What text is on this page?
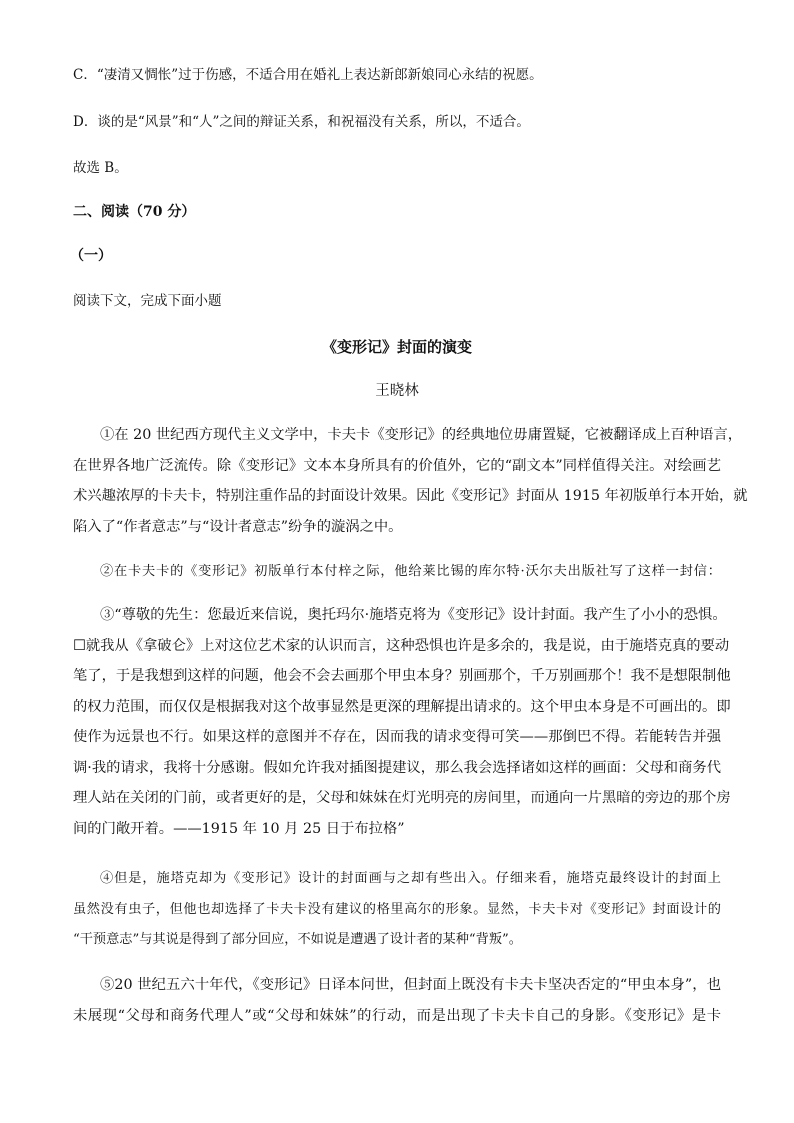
C．“凄清又惆怅”过于伤感，不适合用在婚礼上表达新郎新娘同心永结的祝愿。
D．谈的是“风景”和“人”之间的辩证关系，和祝福没有关系，所以，不适合。
故选 B。
二、阅读（70 分）
（一）
阅读下文，完成下面小题
《变形记》封面的演变
王晓林
①在 20 世纪西方现代主义文学中，卡夫卡《变形记》的经典地位毋庸置疑，它被翻译成上百种语言，
在世界各地广泛流传。除《变形记》文本本身所具有的价值外，它的“副文本”同样值得关注。对绘画艺
术兴趣浓厚的卡夫卡，特别注重作品的封面设计效果。因此《变形记》封面从 1915 年初版单行本开始，就
陷入了“作者意志”与“设计者意志”纷争的漩涡之中。
②在卡夫卡的《变形记》初版单行本付梓之际，他给莱比锡的库尔特·沃尔夫出版社写了这样一封信：
③“尊敬的先生：您最近来信说，奥托玛尔·施塔克将为《变形记》设计封面。我产生了小小的恐惧。
☐就我从《拿破仑》上对这位艺术家的认识而言，这种恐惧也许是多余的，我是说，由于施塔克真的要动
笔了，于是我想到这样的问题，他会不会去画那个甲虫本身？别画那个，千万别画那个！我不是想限制他
的权力范围，而仅仅是根据我对这个故事显然是更深的理解提出请求的。这个甲虫本身是不可画出的。即
使作为远景也不行。如果这样的意图并不存在，因而我的请求变得可笑——那倒巴不得。若能转告并强
调·我的请求，我将十分感谢。假如允许我对插图提建议，那么我会选择诸如这样的画面：父母和商务代
理人站在关闭的门前，或者更好的是，父母和妹妹在灯光明亮的房间里，而通向一片黑暗的旁边的那个房
间的门敞开着。——1915 年 10 月 25 日于布拉格”
④但是，施塔克却为《变形记》设计的封面画与之却有些出入。仔细来看，施塔克最终设计的封面上
虽然没有虫子，但他也却选择了卡夫卡没有建议的格里高尔的形象。显然，卡夫卡对《变形记》封面设计的
“干预意志”与其说是得到了部分回应，不如说是遭遇了设计者的某种“背叛”。
⑤20 世纪五六十年代，《变形记》日译本问世，但封面上既没有卡夫卡坚决否定的“甲虫本身”，也
未展现“父母和商务代理人”或“父母和妹妹”的行动，而是出现了卡夫卡自己的身影。《变形记》是卡
